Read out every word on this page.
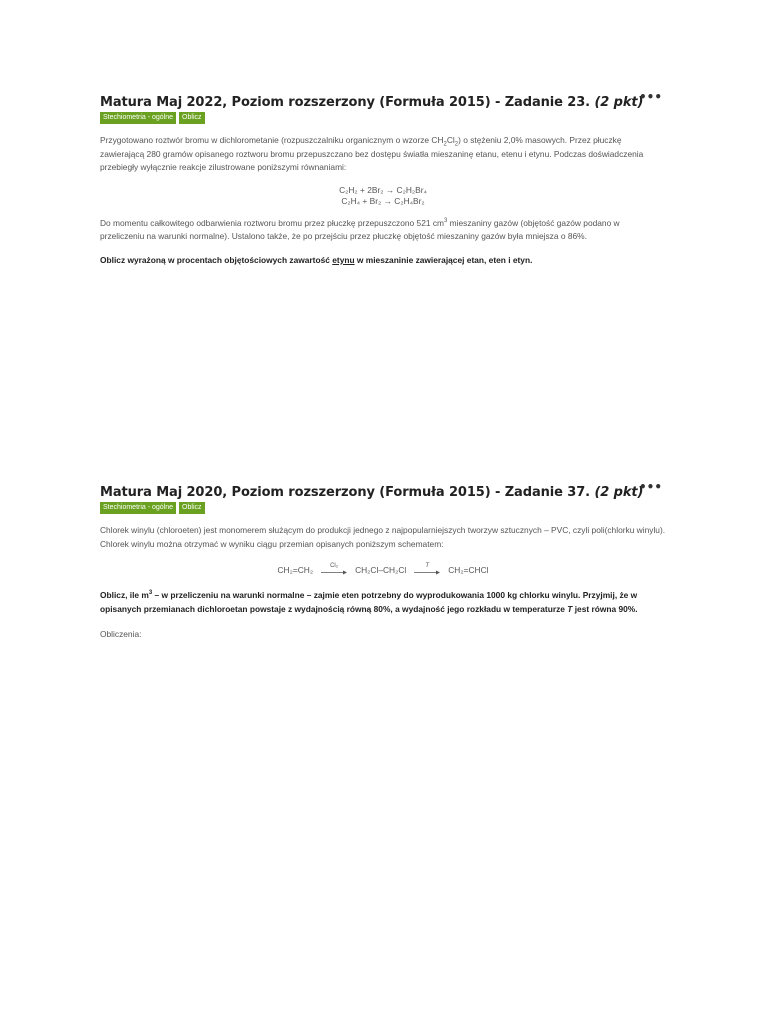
Matura Maj 2022, Poziom rozszerzony (Formuła 2015) - Zadanie 23. (2 pkt)
•••
Stechiometria - ogólne	Oblicz

Przygotowano roztwór bromu w dichlorometanie (rozpuszczalniku organicznym o wzorze $CH_2Cl_2$) o stężeniu 2,0% masowych. Przez płuczkę zawierającą 280 gramów opisanego roztworu bromu przepuszczano bez dostępu światła mieszaninę etanu, etenu i etynu. Podczas doświadczenia przebiegły wyłącznie reakcje zilustrowane poniższymi równaniami:

C₂H₂ + 2Br₂ → C₂H₂Br₄
C₂H₄ + Br₂ → C₂H₄Br₂

Do momentu całkowitego odbarwienia roztworu bromu przez płuczkę przepuszczono 521 $cm^3$ mieszaniny gazów (objętość gazów podano w przeliczeniu na warunki normalne). Ustalono także, że po przejściu przez płuczkę objętość mieszaniny gazów była mniejsza o 86%.

Oblicz wyrażoną w procentach objętościowych zawartość etynu w mieszaninie zawierającej etan, eten i etyn.

Matura Maj 2020, Poziom rozszerzony (Formuła 2015) - Zadanie 37. (2 pkt)
•••
Stechiometria - ogólne	Oblicz

Chlorek winylu (chloroeten) jest monomerem służącym do produkcji jednego z najpopularniejszych tworzyw sztucznych – PVC, czyli poli(chlorku winylu). Chlorek winylu można otrzymać w wyniku ciągu przemian opisanych poniższym schematem:

CH₂=CH₂	Cl₂ CH₂Cl–CH₂Cl	T CH₂=CHCl

Oblicz, ile $m^3$ – w przeliczeniu na warunki normalne – zajmie eten potrzebny do wyprodukowania 1000 kg chlorku winylu. Przyjmij, że w opisanych przemianach dichloroetan powstaje z wydajnością równą 80%, a wydajność jego rozkładu w temperaturze T jest równa 90%.

Obliczenia:
